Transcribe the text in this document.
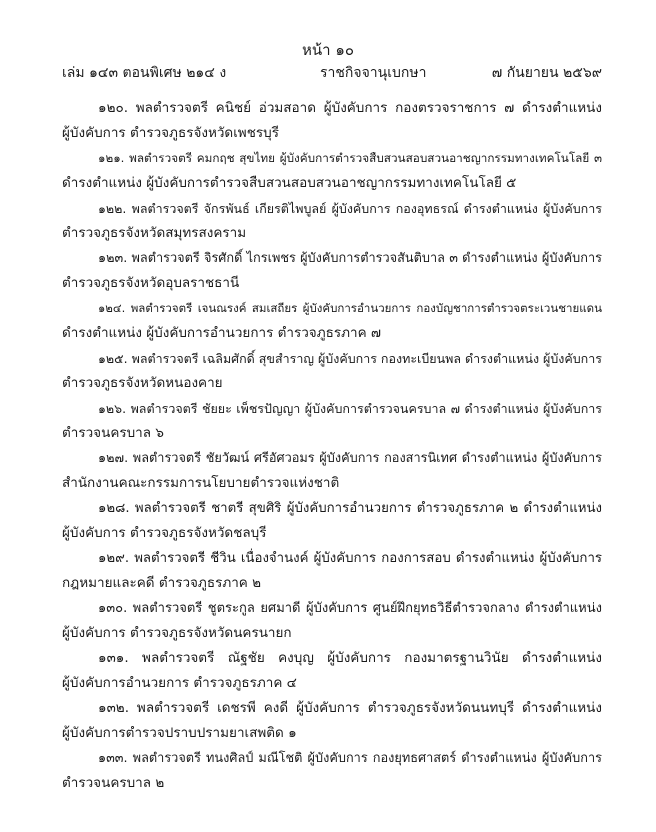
หน้า ๑๐
เล่ม ๑๔๓ ตอนพิเศษ ๒๑๔ ง	ราชกิจจานุเบกษา	๗ กันยายน ๒๕๖๙

๑๒๐. พลตำรวจตรี คนิชย์ อ่วมสอาด ผู้บังคับการ กองตรวจราชการ ๗ ดำรงตำแหน่ง
ผู้บังคับการ ตำรวจภูธรจังหวัดเพชรบุรี

๑๒๑. พลตำรวจตรี คมกฤช สุขไทย ผู้บังคับการตำรวจสืบสวนสอบสวนอาชญากรรมทางเทคโนโลยี ๓
ดำรงตำแหน่ง ผู้บังคับการตำรวจสืบสวนสอบสวนอาชญากรรมทางเทคโนโลยี ๕

๑๒๒. พลตำรวจตรี จักรพันธ์ เกียรติไพบูลย์ ผู้บังคับการ กองอุทธรณ์ ดำรงตำแหน่ง ผู้บังคับการ
ตำรวจภูธรจังหวัดสมุทรสงคราม

๑๒๓. พลตำรวจตรี จิรศักดิ์ ไกรเพชร ผู้บังคับการตำรวจสันติบาล ๓ ดำรงตำแหน่ง ผู้บังคับการ
ตำรวจภูธรจังหวัดอุบลราชธานี

๑๒๔. พลตำรวจตรี เจนณรงค์ สมเสถียร ผู้บังคับการอำนวยการ กองบัญชาการตำรวจตระเวนชายแดน
ดำรงตำแหน่ง ผู้บังคับการอำนวยการ ตำรวจภูธรภาค ๗

๑๒๕. พลตำรวจตรี เฉลิมศักดิ์ สุขสำราญ ผู้บังคับการ กองทะเบียนพล ดำรงตำแหน่ง ผู้บังคับการ
ตำรวจภูธรจังหวัดหนองคาย

๑๒๖. พลตำรวจตรี ชัยยะ เพ็ชรปัญญา ผู้บังคับการตำรวจนครบาล ๗ ดำรงตำแหน่ง ผู้บังคับการ
ตำรวจนครบาล ๖

๑๒๗. พลตำรวจตรี ชัยวัฒน์ ศรีอัศวอมร ผู้บังคับการ กองสารนิเทศ ดำรงตำแหน่ง ผู้บังคับการ
สำนักงานคณะกรรมการนโยบายตำรวจแห่งชาติ

๑๒๘. พลตำรวจตรี ชาตรี สุขศิริ ผู้บังคับการอำนวยการ ตำรวจภูธรภาค ๒ ดำรงตำแหน่ง
ผู้บังคับการ ตำรวจภูธรจังหวัดชลบุรี

๑๒๙. พลตำรวจตรี ชีวิน เนื่องจำนงค์ ผู้บังคับการ กองการสอบ ดำรงตำแหน่ง ผู้บังคับการ
กฎหมายและคดี ตำรวจภูธรภาค ๒

๑๓๐. พลตำรวจตรี ชูตระกูล ยศมาดี ผู้บังคับการ ศูนย์ฝึกยุทธวิธีตำรวจกลาง ดำรงตำแหน่ง
ผู้บังคับการ ตำรวจภูธรจังหวัดนครนายก

๑๓๑. พลตำรวจตรี ณัฐชัย คงบุญ ผู้บังคับการ กองมาตรฐานวินัย ดำรงตำแหน่ง
ผู้บังคับการอำนวยการ ตำรวจภูธรภาค ๔

๑๓๒. พลตำรวจตรี เดชรพี คงดี ผู้บังคับการ ตำรวจภูธรจังหวัดนนทบุรี ดำรงตำแหน่ง
ผู้บังคับการตำรวจปราบปรามยาเสพติด ๑

๑๓๓. พลตำรวจตรี ทนงศิลป์ มณีโชติ ผู้บังคับการ กองยุทธศาสตร์ ดำรงตำแหน่ง ผู้บังคับการ
ตำรวจนครบาล ๒
